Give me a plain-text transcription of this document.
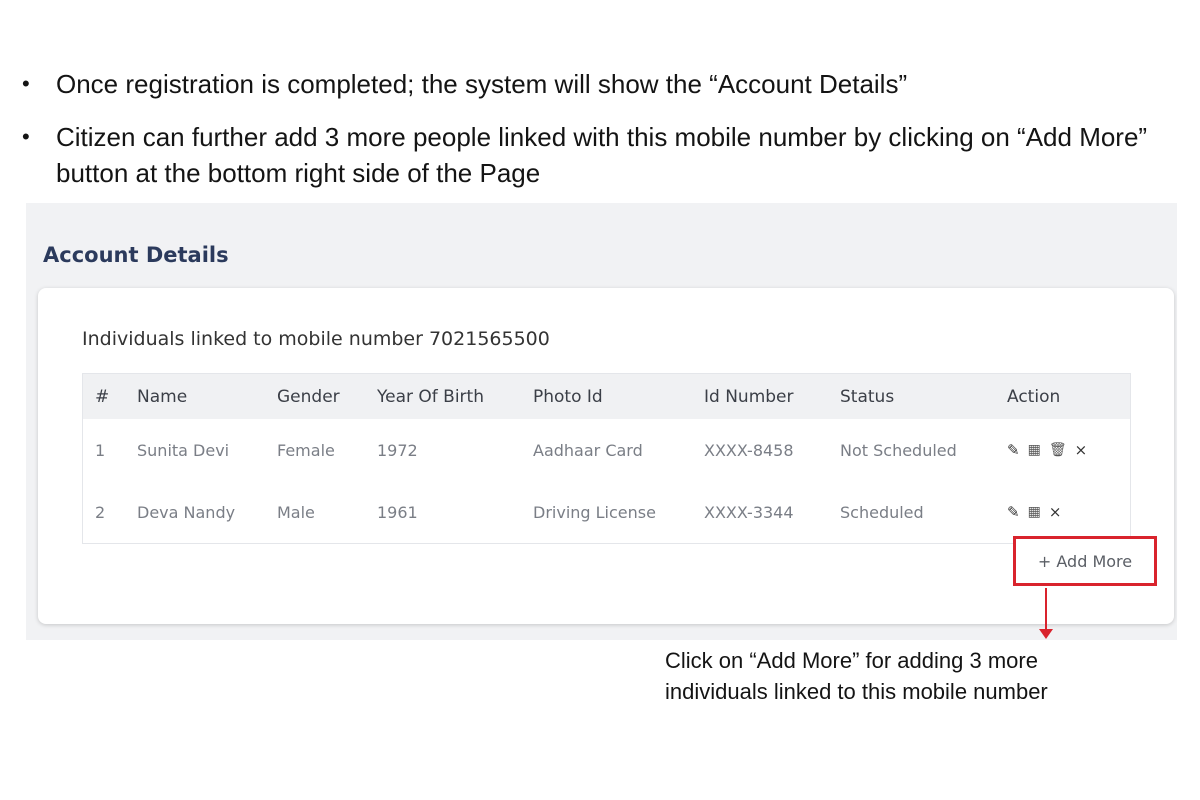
•	Once registration is completed; the system will show the “Account Details”
•	Citizen can further add 3 more people linked with this mobile number by clicking on “Add More” button at the bottom right side of the Page
Account Details
Individuals linked to mobile number 7021565500
#	Name	Gender	Year Of Birth	Photo Id	Id Number	Status	Action
1	Sunita Devi	Female	1972	Aadhaar Card	XXXX-8458	Not Scheduled	✎ ▦ 🗑 ×
2	Deva Nandy	Male	1961	Driving License	XXXX-3344	Scheduled	✎ ▦ ×
+ Add More
Click on “Add More” for adding 3 more individuals linked to this mobile number
